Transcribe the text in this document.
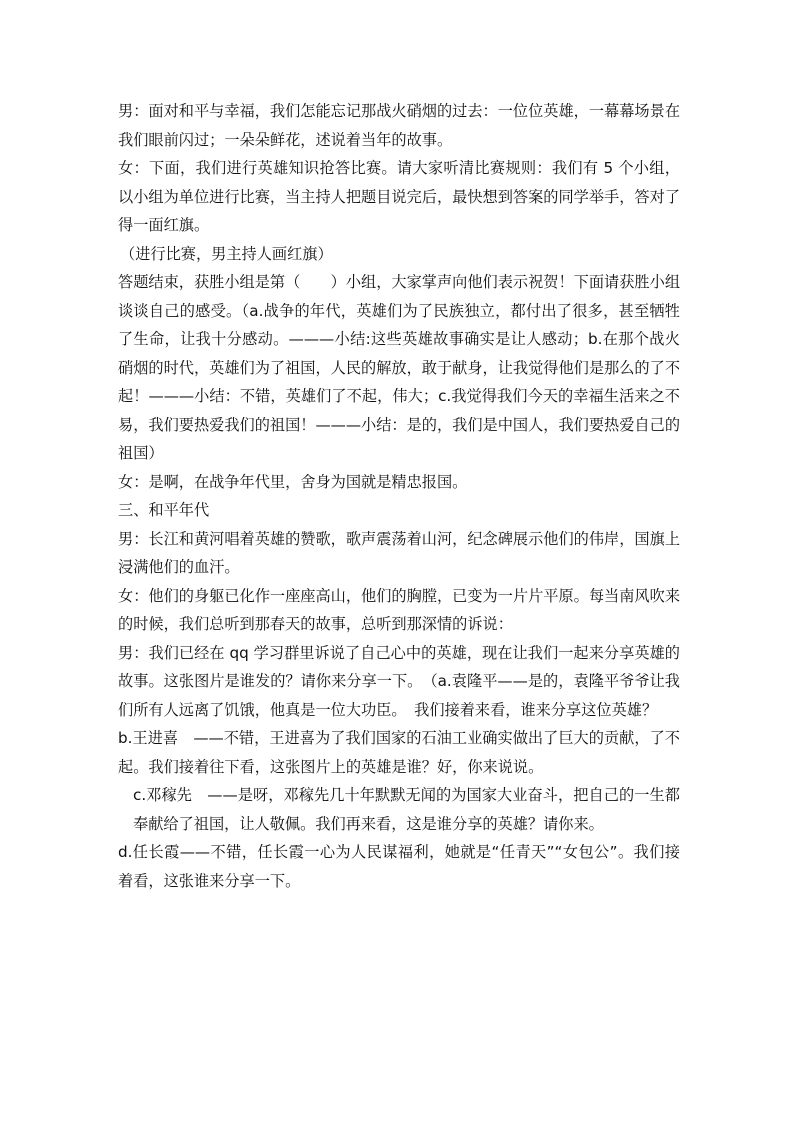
男：面对和平与幸福，我们怎能忘记那战火硝烟的过去：一位位英雄，一幕幕场景在我们眼前闪过；一朵朵鲜花，述说着当年的故事。

女：下面，我们进行英雄知识抢答比赛。请大家听清比赛规则：我们有 5 个小组，以小组为单位进行比赛，当主持人把题目说完后，最快想到答案的同学举手，答对了得一面红旗。

（进行比赛，男主持人画红旗）

答题结束，获胜小组是第（　　）小组，大家掌声向他们表示祝贺！下面请获胜小组谈谈自己的感受。（a.战争的年代，英雄们为了民族独立，都付出了很多，甚至牺牲了生命，让我十分感动。———小结:这些英雄故事确实是让人感动；b.在那个战火硝烟的时代，英雄们为了祖国，人民的解放，敢于献身，让我觉得他们是那么的了不起！———小结：不错，英雄们了不起，伟大；c.我觉得我们今天的幸福生活来之不易，我们要热爱我们的祖国！———小结：是的，我们是中国人，我们要热爱自己的祖国）

女：是啊，在战争年代里，舍身为国就是精忠报国。

三、和平年代

男：长江和黄河唱着英雄的赞歌，歌声震荡着山河，纪念碑展示他们的伟岸，国旗上浸满他们的血汗。

女：他们的身躯已化作一座座高山，他们的胸膛，已变为一片片平原。每当南风吹来的时候，我们总听到那春天的故事，总听到那深情的诉说：

男：我们已经在 qq 学习群里诉说了自己心中的英雄，现在让我们一起来分享英雄的故事。这张图片是谁发的？请你来分享一下。　（a.袁隆平——是的，袁隆平爷爷让我们所有人远离了饥饿，他真是一位大功臣。　我们接着来看，谁来分享这位英雄？

b.王进喜　——不错，王进喜为了我们国家的石油工业确实做出了巨大的贡献，了不起。我们接着往下看，这张图片上的英雄是谁？好，你来说说。

c.邓稼先　——是呀，邓稼先几十年默默无闻的为国家大业奋斗，把自己的一生都奉献给了祖国，让人敬佩。我们再来看，这是谁分享的英雄？请你来。

d.任长霞——不错，任长霞一心为人民谋福利，她就是“任青天”“女包公”。我们接着看，这张谁来分享一下。
